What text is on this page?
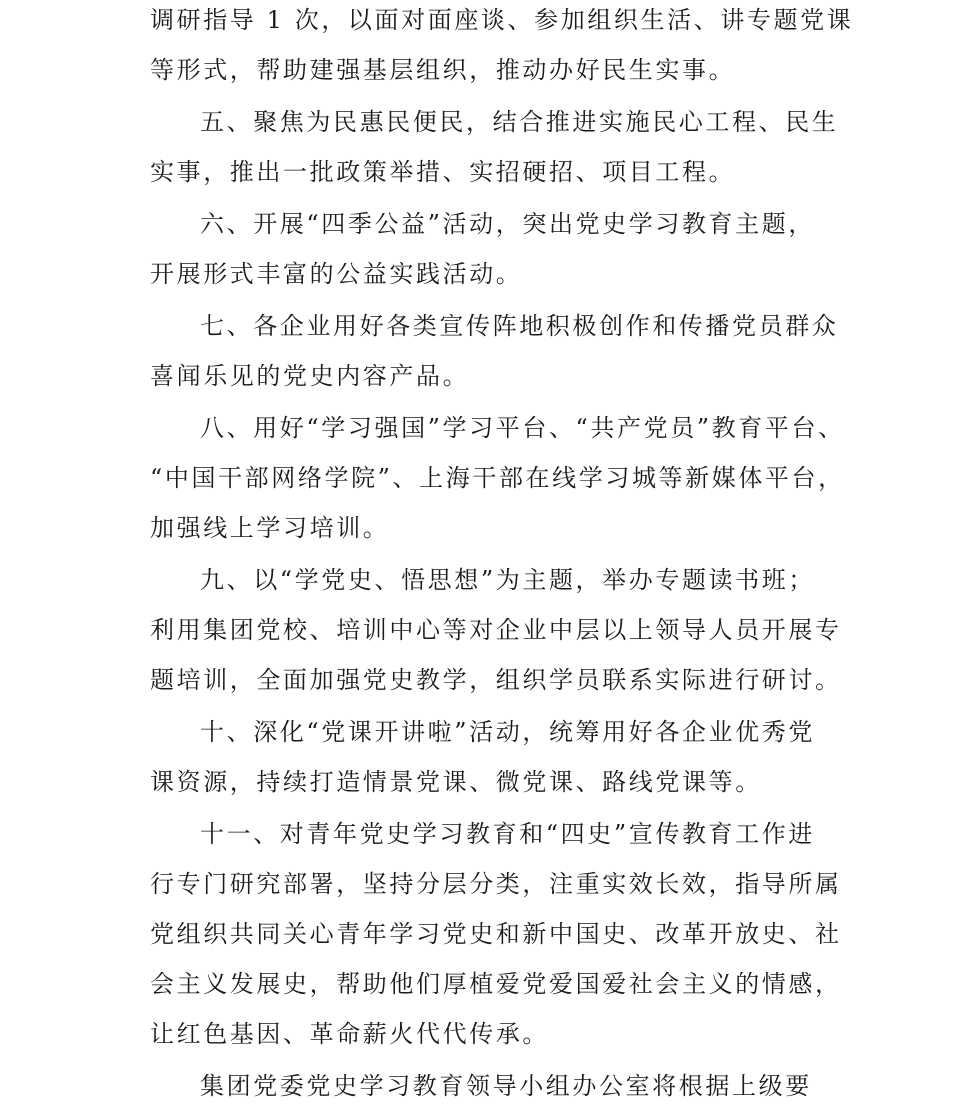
调研指导 1 次，以面对面座谈、参加组织生活、讲专题党课
等形式，帮助建强基层组织，推动办好民生实事。
五、聚焦为民惠民便民，结合推进实施民心工程、民生
实事，推出一批政策举措、实招硬招、项目工程。
六、开展“四季公益”活动，突出党史学习教育主题，
开展形式丰富的公益实践活动。
七、各企业用好各类宣传阵地积极创作和传播党员群众
喜闻乐见的党史内容产品。
八、用好“学习强国”学习平台、“共产党员”教育平台、
“中国干部网络学院”、上海干部在线学习城等新媒体平台，
加强线上学习培训。
九、以“学党史、悟思想”为主题，举办专题读书班；
利用集团党校、培训中心等对企业中层以上领导人员开展专
题培训，全面加强党史教学，组织学员联系实际进行研讨。
十、深化“党课开讲啦”活动，统筹用好各企业优秀党
课资源，持续打造情景党课、微党课、路线党课等。
十一、对青年党史学习教育和“四史”宣传教育工作进
行专门研究部署，坚持分层分类，注重实效长效，指导所属
党组织共同关心青年学习党史和新中国史、改革开放史、社
会主义发展史，帮助他们厚植爱党爱国爱社会主义的情感，
让红色基因、革命薪火代代传承。
集团党委党史学习教育领导小组办公室将根据上级要
